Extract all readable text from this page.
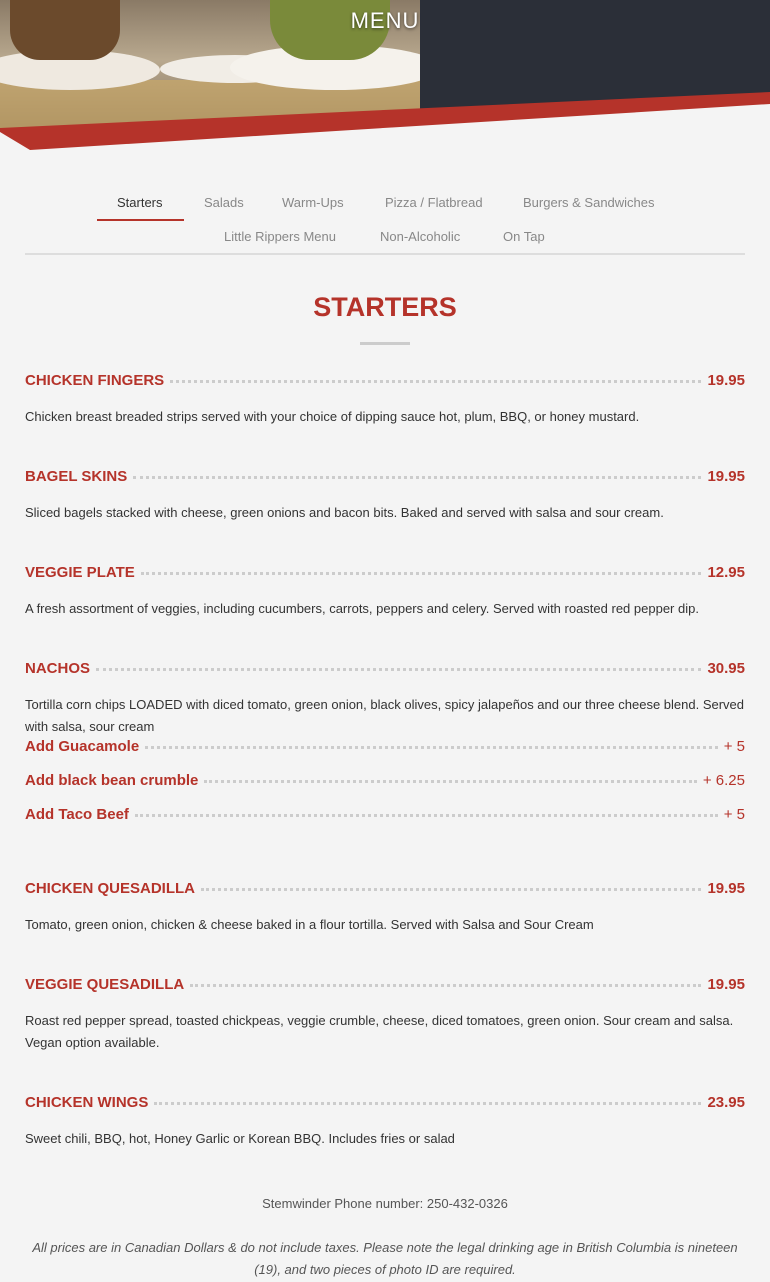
MENU
Starters	Salads	Warm-Ups	Pizza / Flatbread	Burgers & Sandwiches
Little Rippers Menu	Non-Alcoholic	On Tap
STARTERS
CHICKEN FINGERS	19.95
Chicken breast breaded strips served with your choice of dipping sauce hot, plum, BBQ, or honey mustard.
BAGEL SKINS	19.95
Sliced bagels stacked with cheese, green onions and bacon bits. Baked and served with salsa and sour cream.
VEGGIE PLATE	12.95
A fresh assortment of veggies, including cucumbers, carrots, peppers and celery. Served with roasted red pepper dip.
NACHOS	30.95
Tortilla corn chips LOADED with diced tomato, green onion, black olives, spicy jalapeños and our three cheese blend. Served with salsa, sour cream
Add Guacamole	+ 5
Add black bean crumble	+ 6.25
Add Taco Beef	+ 5
CHICKEN QUESADILLA	19.95
Tomato, green onion, chicken & cheese baked in a flour tortilla. Served with Salsa and Sour Cream
VEGGIE QUESADILLA	19.95
Roast red pepper spread, toasted chickpeas, veggie crumble, cheese, diced tomatoes, green onion. Sour cream and salsa. Vegan option available.
CHICKEN WINGS	23.95
Sweet chili, BBQ, hot, Honey Garlic or Korean BBQ. Includes fries or salad
Stemwinder Phone number: 250-432-0326
All prices are in Canadian Dollars & do not include taxes. Please note the legal drinking age in British Columbia is nineteen (19), and two pieces of photo ID are required.
